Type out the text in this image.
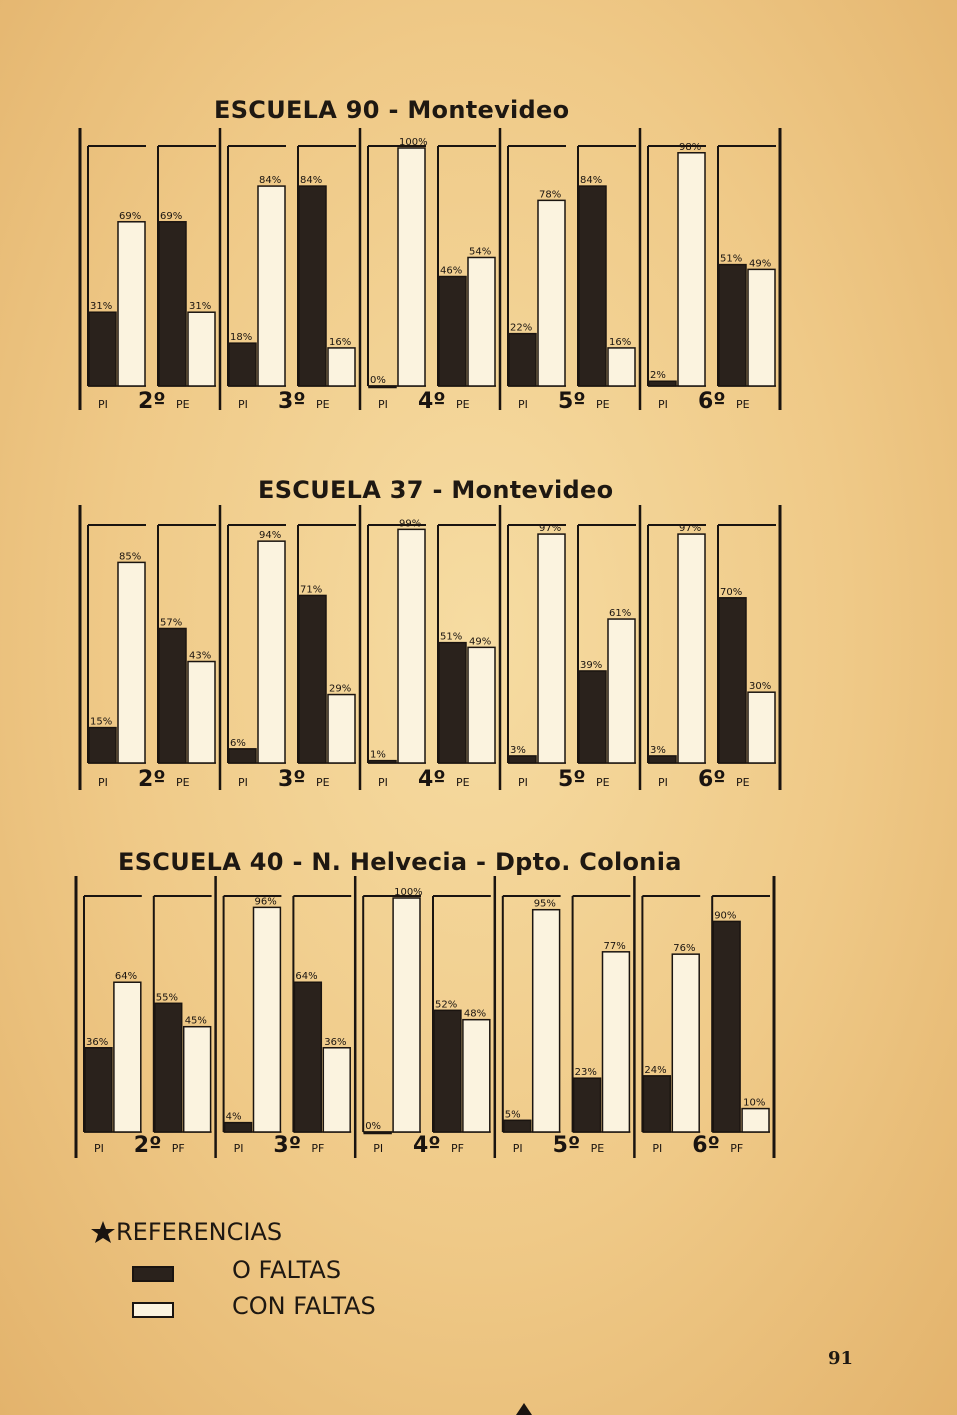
ESCUELA 90 - Montevideo
31%
69% 69%
31%
PI 2º PE
18%
84% 84%
16%
PI 3º PE
0%
100%
46%
54%
PI 4º PE
22%
78%
84%
16%
PI 5º PE
2%
98%
51% 49%
PI 6º PE
15%
85%
57%
43%
PI 2º PE
6%
94%
71%
29%
PI 3º PE
1%
99%
51% 49%
PI 4º PE
3%
97%
39%
61%
PI 5º PE
3%
97%
70%
30%
PI 6º PE
36%
64%
55%
45%
PI 2º PF
4%
96%
64%
36%
PI 3º PF
0%
100%
52%
48%
PI 4º PF
5%
95%
23%
77%
PI 5º PE
24%
76%
90%
10%
PI 6º PF
ESCUELA 37 - Montevideo
ESCUELA 40 - N. Helvecia - Dpto. Colonia
REFERENCIAS
O FALTAS
CON FALTAS
91
